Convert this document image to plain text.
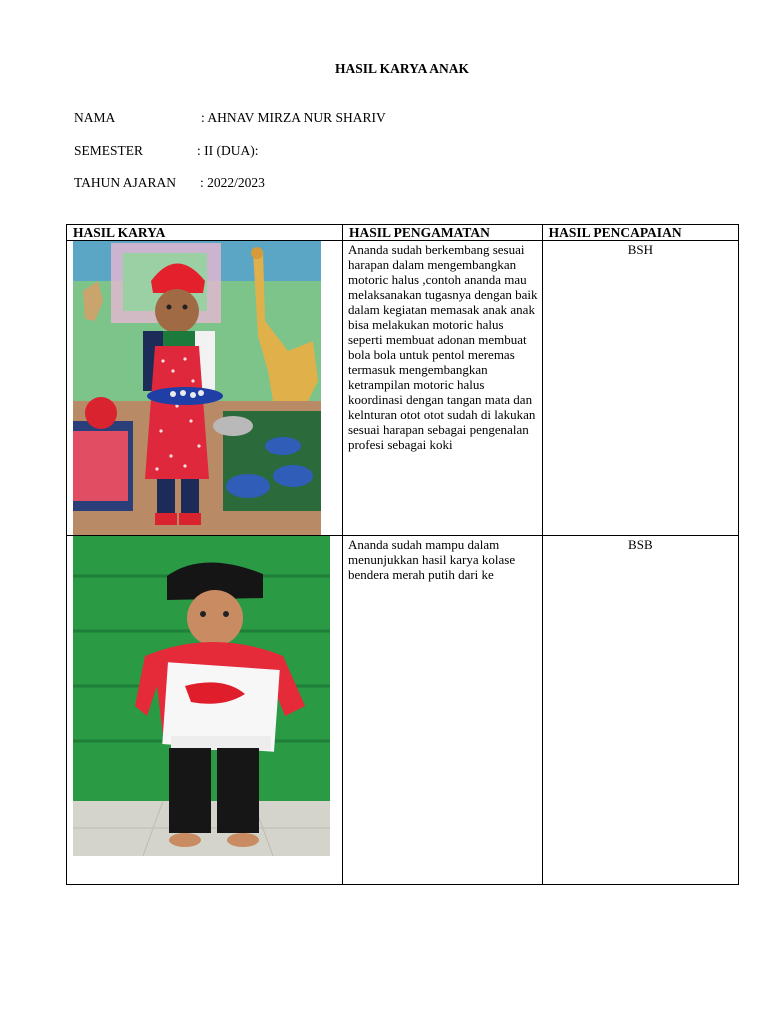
HASIL KARYA ANAK
NAMA	: AHNAV MIRZA NUR SHARIV
SEMESTER	: II (DUA):
TAHUN AJARAN : 2022/2023
HASIL KARYA	HASIL PENGAMATAN	HASIL PENCAPAIAN

	Ananda sudah berkembang sesuai harapan dalam mengembangkan motoric halus ,contoh ananda mau melaksanakan tugasnya dengan baik dalam kegiatan memasak anak anak bisa melakukan motoric halus seperti membuat adonan membuat bola bola untuk pentol meremas termasuk mengembangkan ketrampilan motoric halus koordinasi dengan tangan mata dan kelnturan otot otot sudah di lakukan sesuai harapan sebagai pengenalan profesi sebagai koki	BSH

	Ananda sudah mampu dalam menunjukkan hasil karya kolase bendera merah putih dari ke	BSB
